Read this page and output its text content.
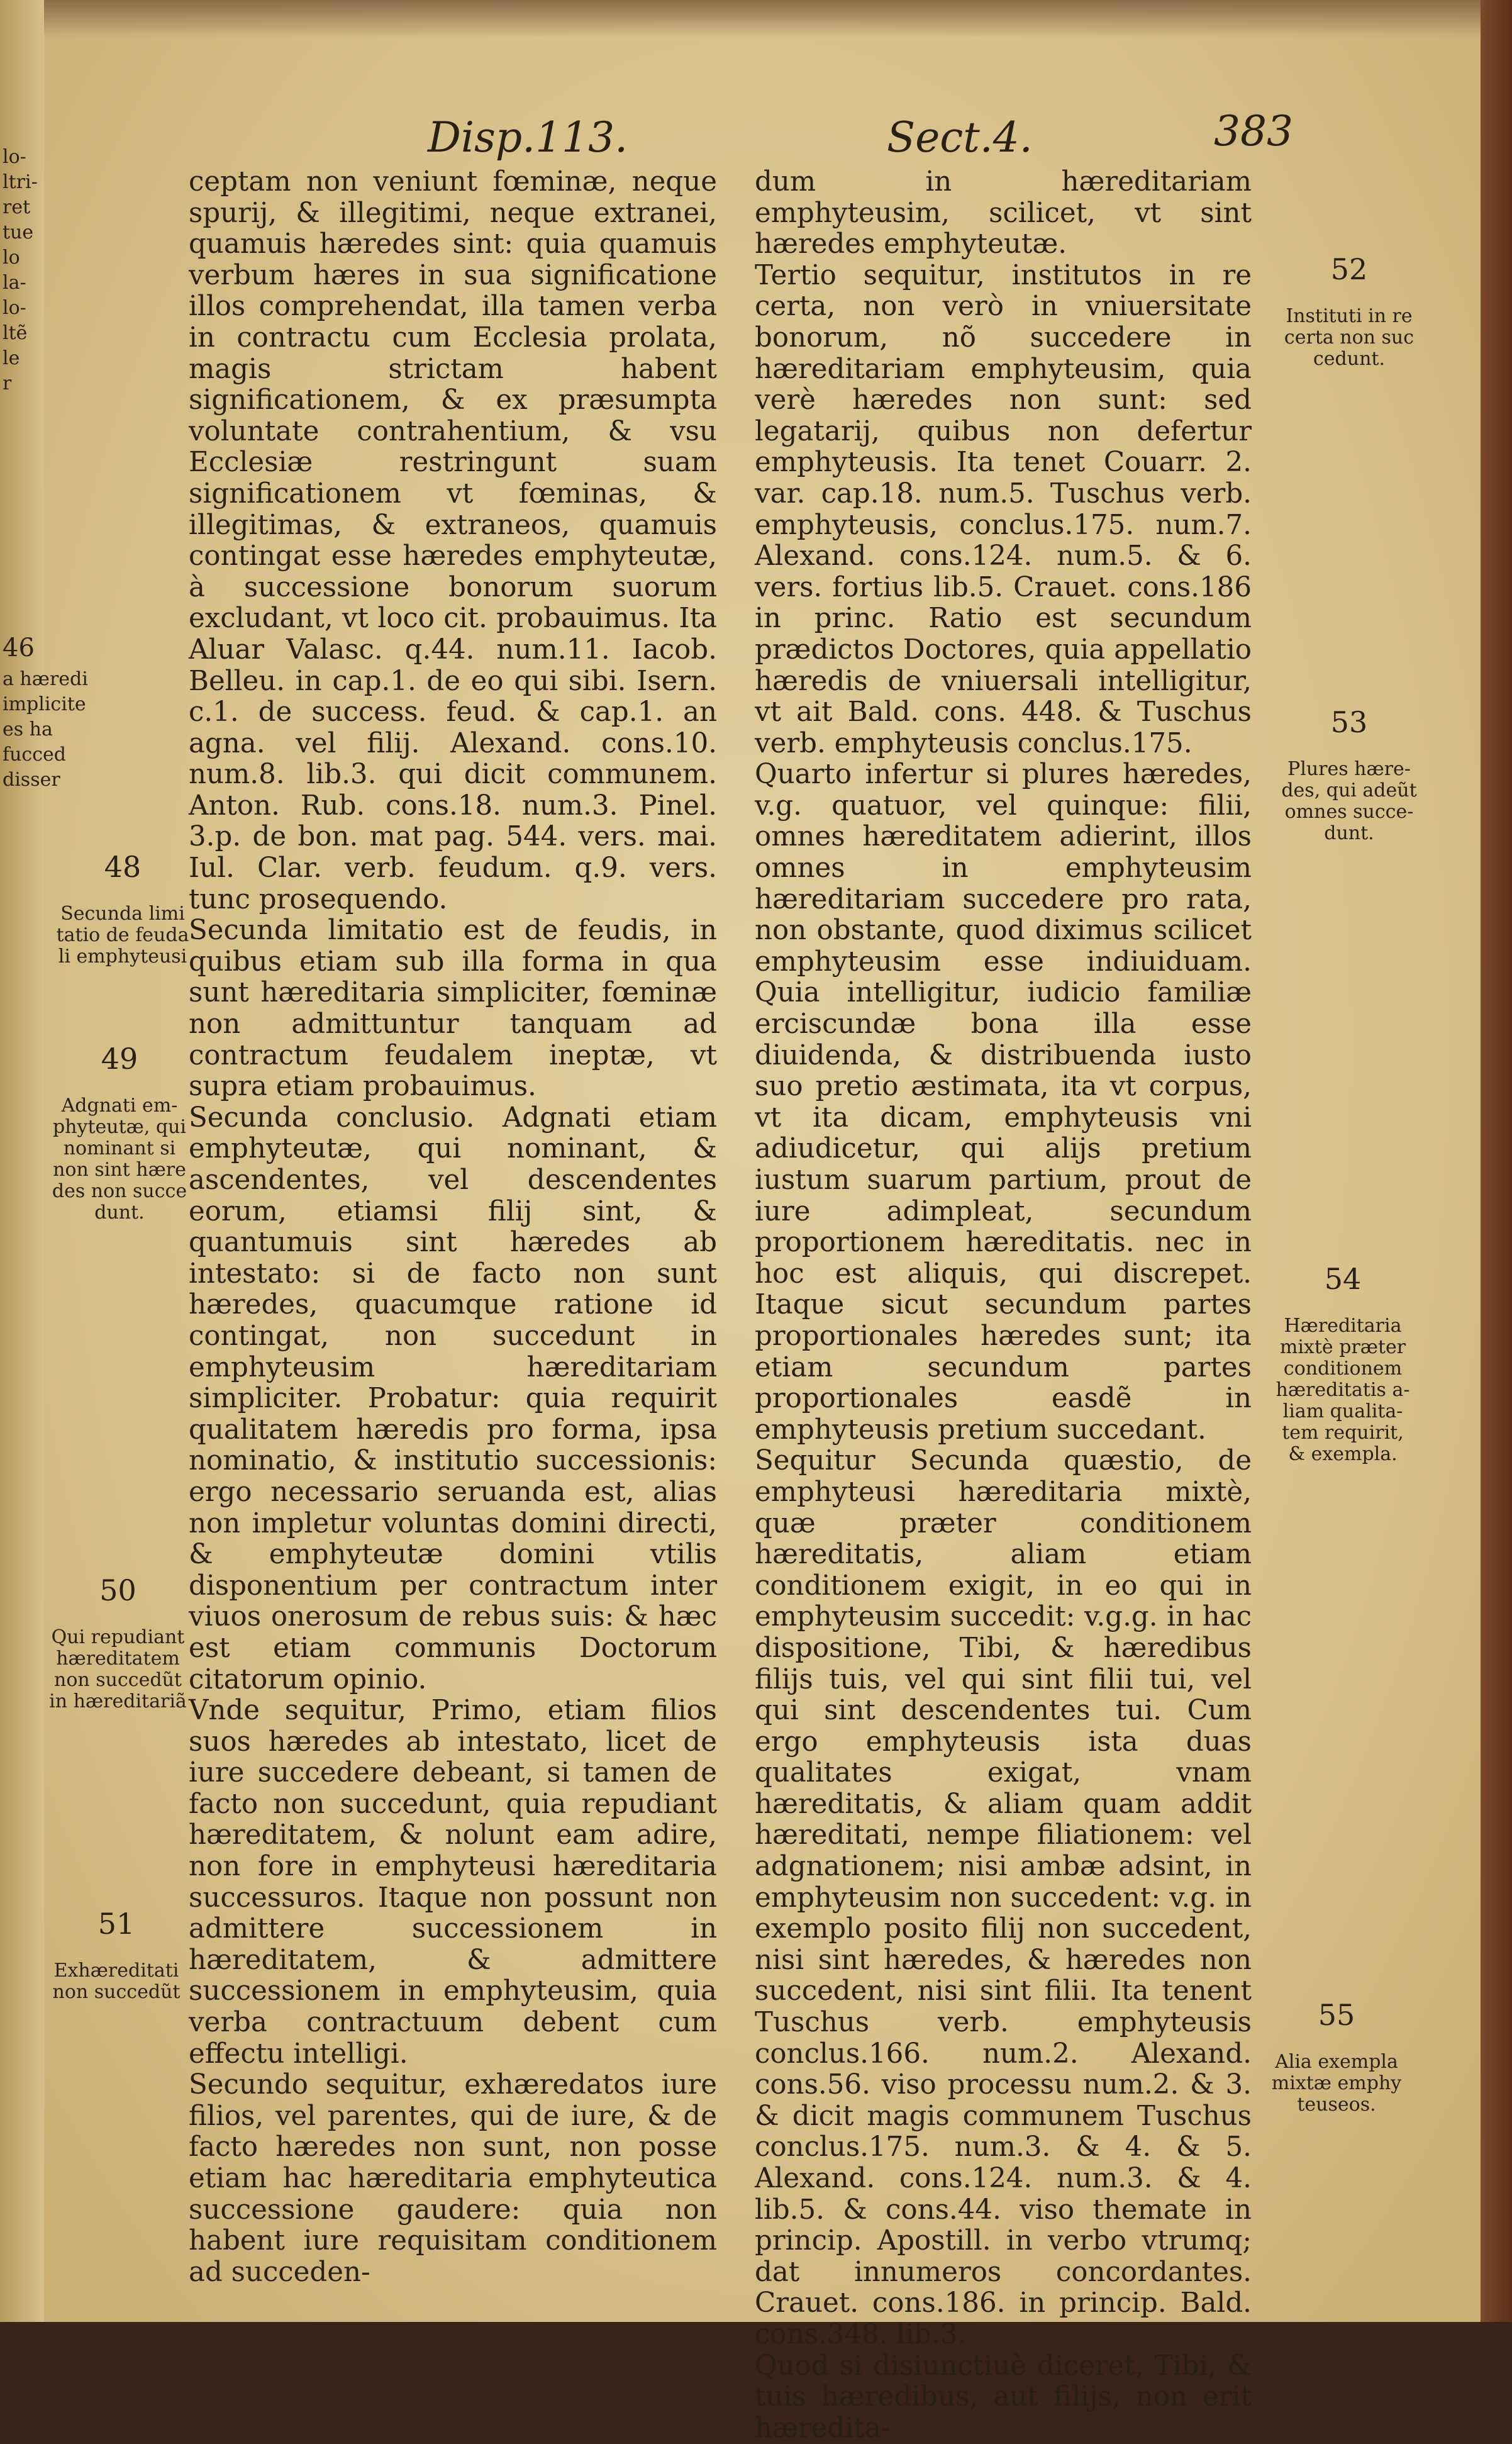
lo-
ltri-
ret
tue
lo
la-
lo-
ltẽ
le
r
46
a hæredi
implicite
es ha
fucced
disser
Disp.113.	Sect.4.	383
ceptam non veniunt fœminæ, neque spurij, & illegitimi, neque extranei, quamuis hæredes sint: quia quamuis verbum hæres in sua significatione illos comprehendat, illa tamen verba in contractu cum Ecclesia prolata, magis strictam habent significationem, & ex præsumpta voluntate contrahentium, & vsu Ecclesiæ restringunt suam significationem vt fœminas, & illegitimas, & extraneos, quamuis contingat esse hæredes emphyteutæ, à successione bonorum suorum excludant, vt loco cit. probauimus. Ita Aluar Valasc. q.44. num.11. Iacob. Belleu. in cap.1. de eo qui sibi. Isern. c.1. de success. feud. & cap.1. an agna. vel filij. Alexand. cons.10. num.8. lib.3. qui dicit communem. Anton. Rub. cons.18. num.3. Pinel. 3.p. de bon. mat pag. 544. vers. mai. Iul. Clar. verb. feudum. q.9. vers. tunc prosequendo.
Secunda limitatio est de feudis, in quibus etiam sub illa forma in qua sunt hæreditaria simpliciter, fœminæ non admittuntur tanquam ad contractum feudalem ineptæ, vt supra etiam probauimus.
Secunda conclusio. Adgnati etiam emphyteutæ, qui nominant, & ascendentes, vel descendentes eorum, etiamsi filij sint, & quantumuis sint hæredes ab intestato: si de facto non sunt hæredes, quacumque ratione id contingat, non succedunt in emphyteusim hæreditariam simpliciter. Probatur: quia requirit qualitatem hæredis pro forma, ipsa nominatio, & institutio successionis: ergo necessario seruanda est, alias non impletur voluntas domini directi, & emphyteutæ domini vtilis disponentium per contractum inter viuos onerosum de rebus suis: & hæc est etiam communis Doctorum citatorum opinio.
Vnde sequitur, Primo, etiam filios suos hæredes ab intestato, licet de iure succedere debeant, si tamen de facto non succedunt, quia repudiant hæreditatem, & nolunt eam adire, non fore in emphyteusi hæreditaria successuros. Itaque non possunt non admittere successionem in hæreditatem, & admittere successionem in emphyteusim, quia verba contractuum debent cum effectu intelligi.
Secundo sequitur, exhæredatos iure filios, vel parentes, qui de iure, & de facto hæredes non sunt, non posse etiam hac hæreditaria emphyteutica successione gaudere: quia non habent iure requisitam conditionem ad succeden-
dum in hæreditariam emphyteusim, scilicet, vt sint hæredes emphyteutæ.
Tertio sequitur, institutos in re certa, non verò in vniuersitate bonorum, nõ succedere in hæreditariam emphyteusim, quia verè hæredes non sunt: sed legatarij, quibus non defertur emphyteusis. Ita tenet Couarr. 2. var. cap.18. num.5. Tuschus verb. emphyteusis, conclus.175. num.7. Alexand. cons.124. num.5. & 6. vers. fortius lib.5. Crauet. cons.186 in princ. Ratio est secundum prædictos Doctores, quia appellatio hæredis de vniuersali intelligitur, vt ait Bald. cons. 448. & Tuschus verb. emphyteusis conclus.175.
Quarto infertur si plures hæredes, v.g. quatuor, vel quinque: filii, omnes hæreditatem adierint, illos omnes in emphyteusim hæreditariam succedere pro rata, non obstante, quod diximus scilicet emphyteusim esse indiuiduam. Quia intelligitur, iudicio familiæ erciscundæ bona illa esse diuidenda, & distribuenda iusto suo pretio æstimata, ita vt corpus, vt ita dicam, emphyteusis vni adiudicetur, qui alijs pretium iustum suarum partium, prout de iure adimpleat, secundum proportionem hæreditatis. nec in hoc est aliquis, qui discrepet. Itaque sicut secundum partes proportionales hæredes sunt; ita etiam secundum partes proportionales easdẽ in emphyteusis pretium succedant.
Sequitur Secunda quæstio, de emphyteusi hæreditaria mixtè, quæ præter conditionem hæreditatis, aliam etiam conditionem exigit, in eo qui in emphyteusim succedit: v.g.g. in hac dispositione, Tibi, & hæredibus filijs tuis, vel qui sint filii tui, vel qui sint descendentes tui. Cum ergo emphyteusis ista duas qualitates exigat, vnam hæreditatis, & aliam quam addit hæreditati, nempe filiationem: vel adgnationem; nisi ambæ adsint, in emphyteusim non succedent: v.g. in exemplo posito filij non succedent, nisi sint hæredes, & hæredes non succedent, nisi sint filii. Ita tenent Tuschus verb. emphyteusis conclus.166. num.2. Alexand. cons.56. viso processu num.2. & 3. & dicit magis communem Tuschus conclus.175. num.3. & 4. & 5. Alexand. cons.124. num.3. & 4. lib.5. & cons.44. viso themate in princip. Apostill. in verbo vtrumq; dat innumeros concordantes. Crauet. cons.186. in princip. Bald. cons.348. lib.3.
Quod si disiunctiuè diceret, Tibi, & tuis hæredibus, aut filijs, non erit hæredita-

48

Secunda limi
tatio de feuda
li emphyteusi

49

Adgnati em-
phyteutæ, qui
nominant si
non sint hære
des non succe
dunt.

50

Qui repudiant
hæreditatem
non succedũt
in hæreditariã

51

Exhæreditati
non succedũt

52

Instituti in re
certa non suc
cedunt.

53

Plures hære-
des, qui adeũt
omnes succe-
dunt.

54

Hæreditaria
mixtè præter
conditionem
hæreditatis a-
liam qualita-
tem requirit,
& exempla.

55

Alia exempla
mixtæ emphy
teuseos.
